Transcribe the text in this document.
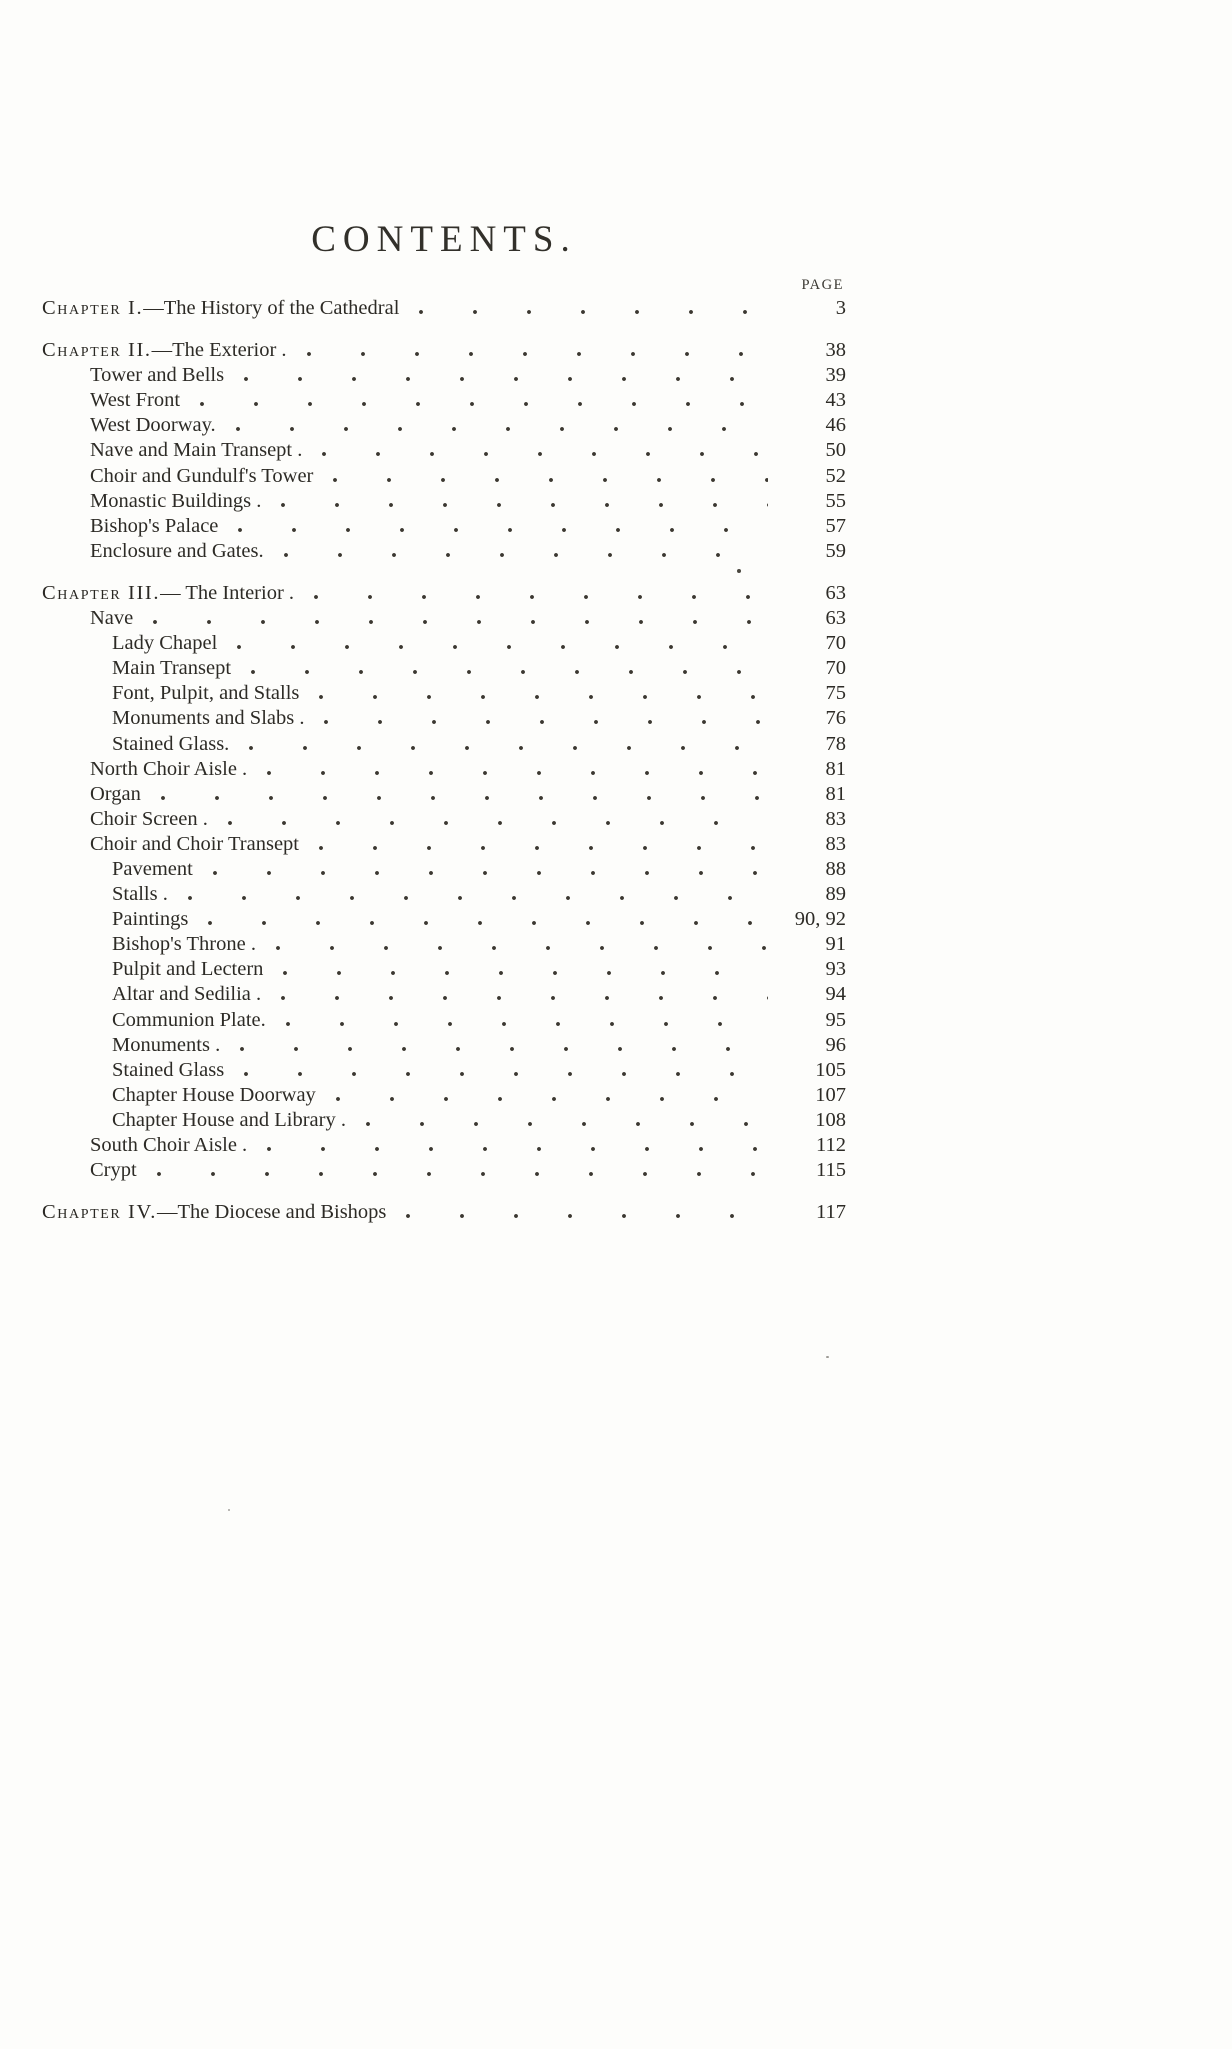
CONTENTS.
PAGE
Chapter I.—The History of the Cathedral	3
Chapter II.—The Exterior .	38
Tower and Bells	39
West Front	43
West Doorway.	46
Nave and Main Transept .	50
Choir and Gundulf's Tower	52
Monastic Buildings .	55
Bishop's Palace	57
Enclosure and Gates.	59
Chapter III.— The Interior .	63
Nave	63
Lady Chapel	70
Main Transept	70
Font, Pulpit, and Stalls	75
Monuments and Slabs .	76
Stained Glass.	78
North Choir Aisle .	81
Organ	81
Choir Screen .	83
Choir and Choir Transept	83
Pavement	88
Stalls .	89
Paintings	90, 92
Bishop's Throne .	91
Pulpit and Lectern	93
Altar and Sedilia .	94
Communion Plate.	95
Monuments .	96
Stained Glass	105
Chapter House Doorway	107
Chapter House and Library .	108
South Choir Aisle .	112
Crypt	115
Chapter IV.—The Diocese and Bishops	117
